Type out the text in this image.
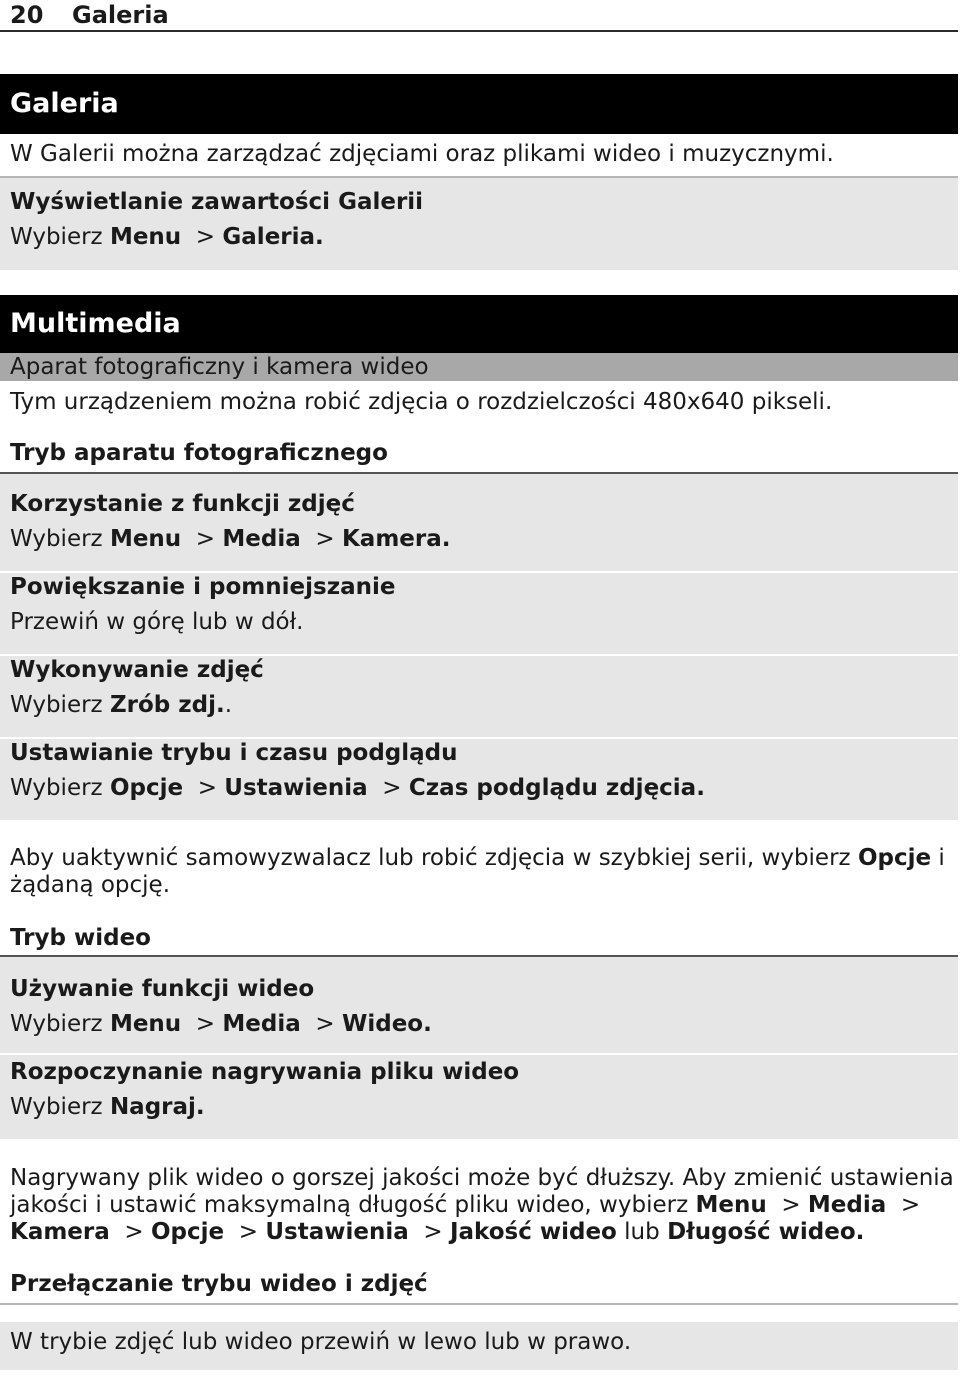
20 Galeria
Galeria
W Galerii można zarządzać zdjęciami oraz plikami wideo i muzycznymi.
Wyświetlanie zawartości Galerii
Wybierz Menu  > Galeria.
Multimedia
Aparat fotograficzny i kamera wideo
Tym urządzeniem można robić zdjęcia o rozdzielczości 480x640 pikseli.
Tryb aparatu fotograficznego
Korzystanie z funkcji zdjęć
Wybierz Menu  > Media  > Kamera.
Powiększanie i pomniejszanie
Przewiń w górę lub w dół.
Wykonywanie zdjęć
Wybierz Zrób zdj..
Ustawianie trybu i czasu podglądu
Wybierz Opcje  > Ustawienia  > Czas podglądu zdjęcia.
Aby uaktywnić samowyzwalacz lub robić zdjęcia w szybkiej serii, wybierz Opcje i żądaną opcję.
Tryb wideo
Używanie funkcji wideo
Wybierz Menu  > Media  > Wideo.
Rozpoczynanie nagrywania pliku wideo
Wybierz Nagraj.
Nagrywany plik wideo o gorszej jakości może być dłuższy. Aby zmienić ustawienia jakości i ustawić maksymalną długość pliku wideo, wybierz Menu  > Media  > Kamera  > Opcje  > Ustawienia  > Jakość wideo lub Długość wideo.
Przełączanie trybu wideo i zdjęć
W trybie zdjęć lub wideo przewiń w lewo lub w prawo.
